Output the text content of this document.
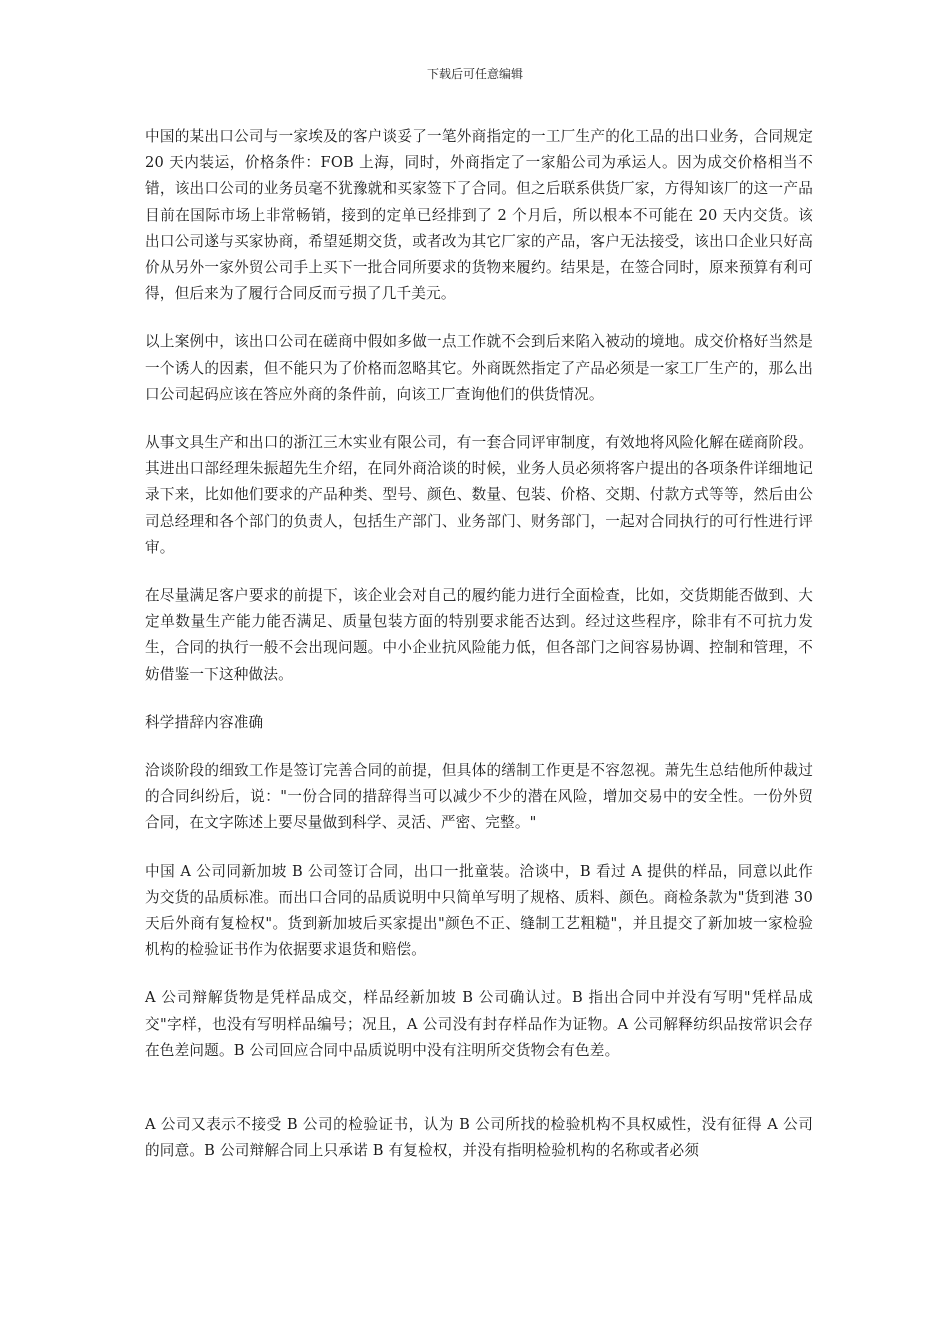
下载后可任意编辑

中国的某出口公司与一家埃及的客户谈妥了一笔外商指定的一工厂生产的化工品的出口业务，合同规定 20 天内装运，价格条件：FOB 上海，同时，外商指定了一家船公司为承运人。因为成交价格相当不错，该出口公司的业务员毫不犹豫就和买家签下了合同。但之后联系供货厂家，方得知该厂的这一产品目前在国际市场上非常畅销，接到的定单已经排到了 2 个月后，所以根本不可能在 20 天内交货。该出口公司遂与买家协商，希望延期交货，或者改为其它厂家的产品，客户无法接受，该出口企业只好高价从另外一家外贸公司手上买下一批合同所要求的货物来履约。结果是，在签合同时，原来预算有利可得，但后来为了履行合同反而亏损了几千美元。

以上案例中，该出口公司在磋商中假如多做一点工作就不会到后来陷入被动的境地。成交价格好当然是一个诱人的因素，但不能只为了价格而忽略其它。外商既然指定了产品必须是一家工厂生产的，那么出口公司起码应该在答应外商的条件前，向该工厂查询他们的供货情况。

从事文具生产和出口的浙江三木实业有限公司，有一套合同评审制度，有效地将风险化解在磋商阶段。其进出口部经理朱振超先生介绍，在同外商洽谈的时候，业务人员必须将客户提出的各项条件详细地记录下来，比如他们要求的产品种类、型号、颜色、数量、包装、价格、交期、付款方式等等，然后由公司总经理和各个部门的负责人，包括生产部门、业务部门、财务部门，一起对合同执行的可行性进行评审。

在尽量满足客户要求的前提下，该企业会对自己的履约能力进行全面检查，比如，交货期能否做到、大定单数量生产能力能否满足、质量包装方面的特别要求能否达到。经过这些程序，除非有不可抗力发生，合同的执行一般不会出现问题。中小企业抗风险能力低，但各部门之间容易协调、控制和管理，不妨借鉴一下这种做法。

科学措辞内容准确

洽谈阶段的细致工作是签订完善合同的前提，但具体的缮制工作更是不容忽视。萧先生总结他所仲裁过的合同纠纷后，说："一份合同的措辞得当可以减少不少的潜在风险，增加交易中的安全性。一份外贸合同，在文字陈述上要尽量做到科学、灵活、严密、完整。"

中国 A 公司同新加坡 B 公司签订合同，出口一批童装。洽谈中，B 看过 A 提供的样品，同意以此作为交货的品质标准。而出口合同的品质说明中只简单写明了规格、质料、颜色。商检条款为"货到港 30 天后外商有复检权"。货到新加坡后买家提出"颜色不正、缝制工艺粗糙"，并且提交了新加坡一家检验机构的检验证书作为依据要求退货和赔偿。

A 公司辩解货物是凭样品成交，样品经新加坡 B 公司确认过。B 指出合同中并没有写明"凭样品成交"字样，也没有写明样品编号；况且，A 公司没有封存样品作为证物。A 公司解释纺织品按常识会存在色差问题。B 公司回应合同中品质说明中没有注明所交货物会有色差。

A 公司又表示不接受 B 公司的检验证书，认为 B 公司所找的检验机构不具权威性，没有征得 A 公司的同意。B 公司辩解合同上只承诺 B 有复检权，并没有指明检验机构的名称或者必须
